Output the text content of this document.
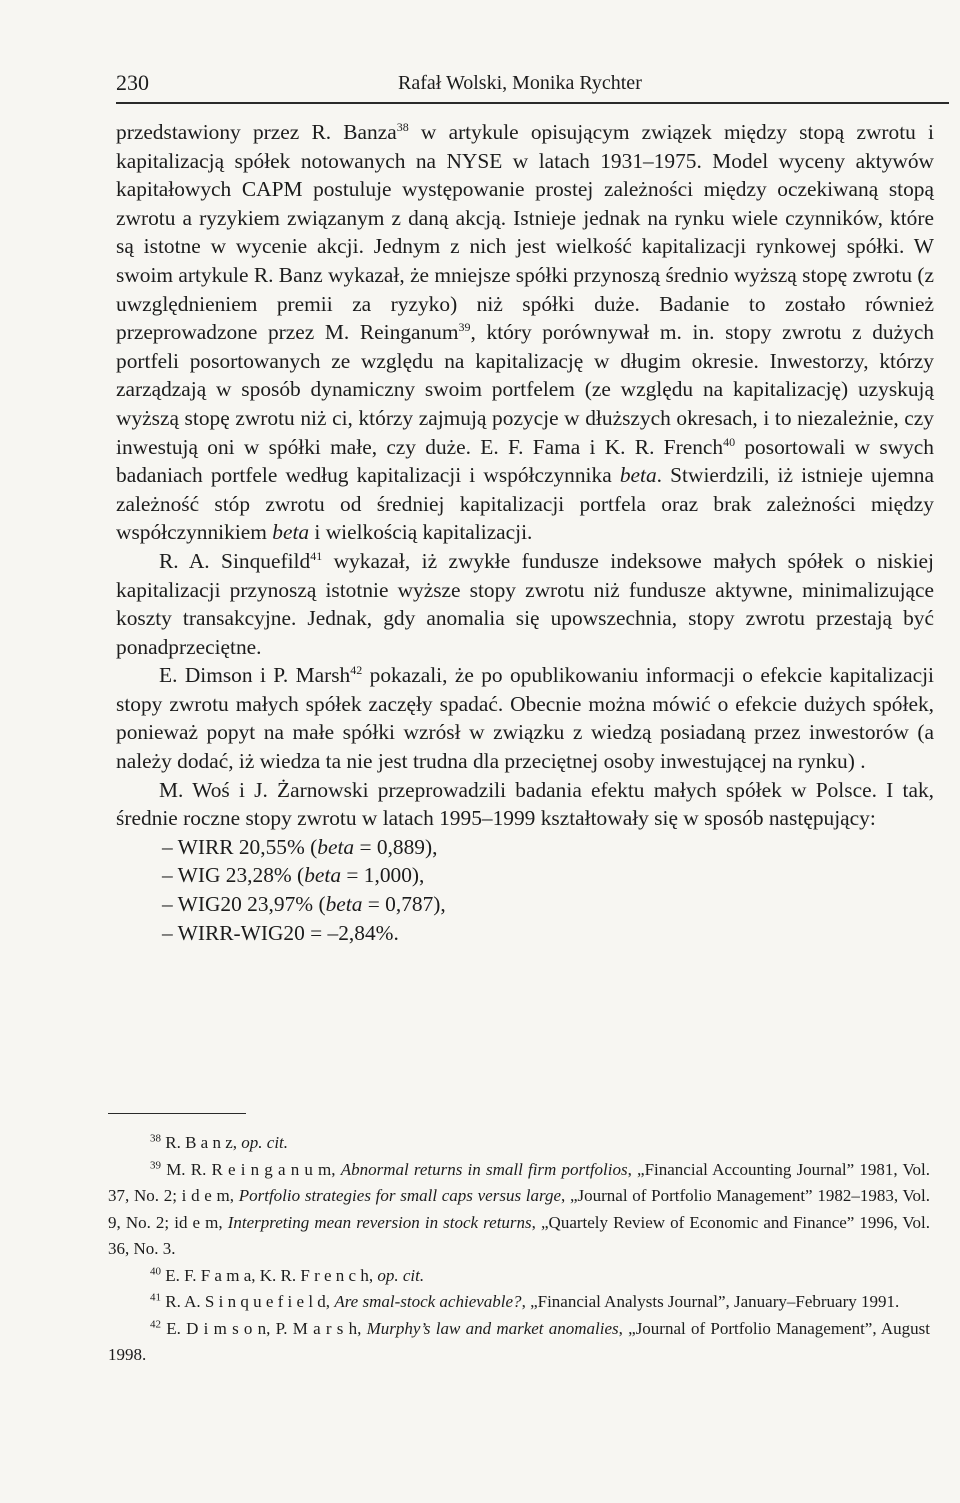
230	Rafał Wolski, Monika Rychter

przedstawiony przez R. Banza$^{38}$ w artykule opisującym związek między stopą zwrotu i kapitalizacją spółek notowanych na NYSE w latach 1931–1975. Model wyceny aktywów kapitałowych CAPM postuluje występowanie prostej zależności między oczekiwaną stopą zwrotu a ryzykiem związanym z daną akcją. Istnieje jednak na rynku wiele czynników, które są istotne w wycenie akcji. Jednym z nich jest wielkość kapitalizacji rynkowej spółki. W swoim artykule R. Banz wykazał, że mniejsze spółki przynoszą średnio wyższą stopę zwrotu (z uwzględnieniem premii za ryzyko) niż spółki duże. Badanie to zostało również przeprowadzone przez M. Reinganum$^{39}$, który porównywał m. in. stopy zwrotu z dużych portfeli posortowanych ze względu na kapitalizację w długim okresie. Inwestorzy, którzy zarządzają w sposób dynamiczny swoim portfelem (ze względu na kapitalizację) uzyskują wyższą stopę zwrotu niż ci, którzy zajmują pozycje w dłuższych okresach, i to niezależnie, czy inwestują oni w spółki małe, czy duże. E. F. Fama i K. R. French$^{40}$ posortowali w swych badaniach portfele według kapitalizacji i współczynnika beta. Stwierdzili, iż istnieje ujemna zależność stóp zwrotu od średniej kapitalizacji portfela oraz brak zależności między współczynnikiem beta i wielkością kapitalizacji.

R. A. Sinquefild$^{41}$ wykazał, iż zwykłe fundusze indeksowe małych spółek o niskiej kapitalizacji przynoszą istotnie wyższe stopy zwrotu niż fundusze aktywne, minimalizujące koszty transakcyjne. Jednak, gdy anomalia się upowszechnia, stopy zwrotu przestają być ponadprzeciętne.

E. Dimson i P. Marsh$^{42}$ pokazali, że po opublikowaniu informacji o efekcie kapitalizacji stopy zwrotu małych spółek zaczęły spadać. Obecnie można mówić o efekcie dużych spółek, ponieważ popyt na małe spółki wzrósł w związku z wiedzą posiadaną przez inwestorów (a należy dodać, iż wiedza ta nie jest trudna dla przeciętnej osoby inwestującej na rynku) .

M. Woś i J. Żarnowski przeprowadzili badania efektu małych spółek w Polsce. I tak, średnie roczne stopy zwrotu w latach 1995–1999 kształtowały się w sposób następujący:

– WIRR 20,55% (beta = 0,889),
– WIG 23,28% (beta = 1,000),
– WIG20 23,97% (beta = 0,787),
– WIRR-WIG20 = –2,84%.

$^{38}$ R. B a n z, op. cit.

$^{39}$ M. R. R e i n g a n u m, Abnormal returns in small firm portfolios, „Financial Accounting Journal” 1981, Vol. 37, No. 2; i d e m, Portfolio strategies for small caps versus large, „Journal of Portfolio Management” 1982–1983, Vol. 9, No. 2; id e m, Interpreting mean reversion in stock returns, „Quartely Review of Economic and Finance” 1996, Vol. 36, No. 3.

$^{40}$ E. F. F a m a, K. R. F r e n c h, op. cit.

$^{41}$ R. A. S i n q u e f i e l d, Are smal-stock achievable?, „Financial Analysts Journal”, January–February 1991.

$^{42}$ E. D i m s o n, P. M a r s h, Murphy’s law and market anomalies, „Journal of Portfolio Management”, August 1998.
